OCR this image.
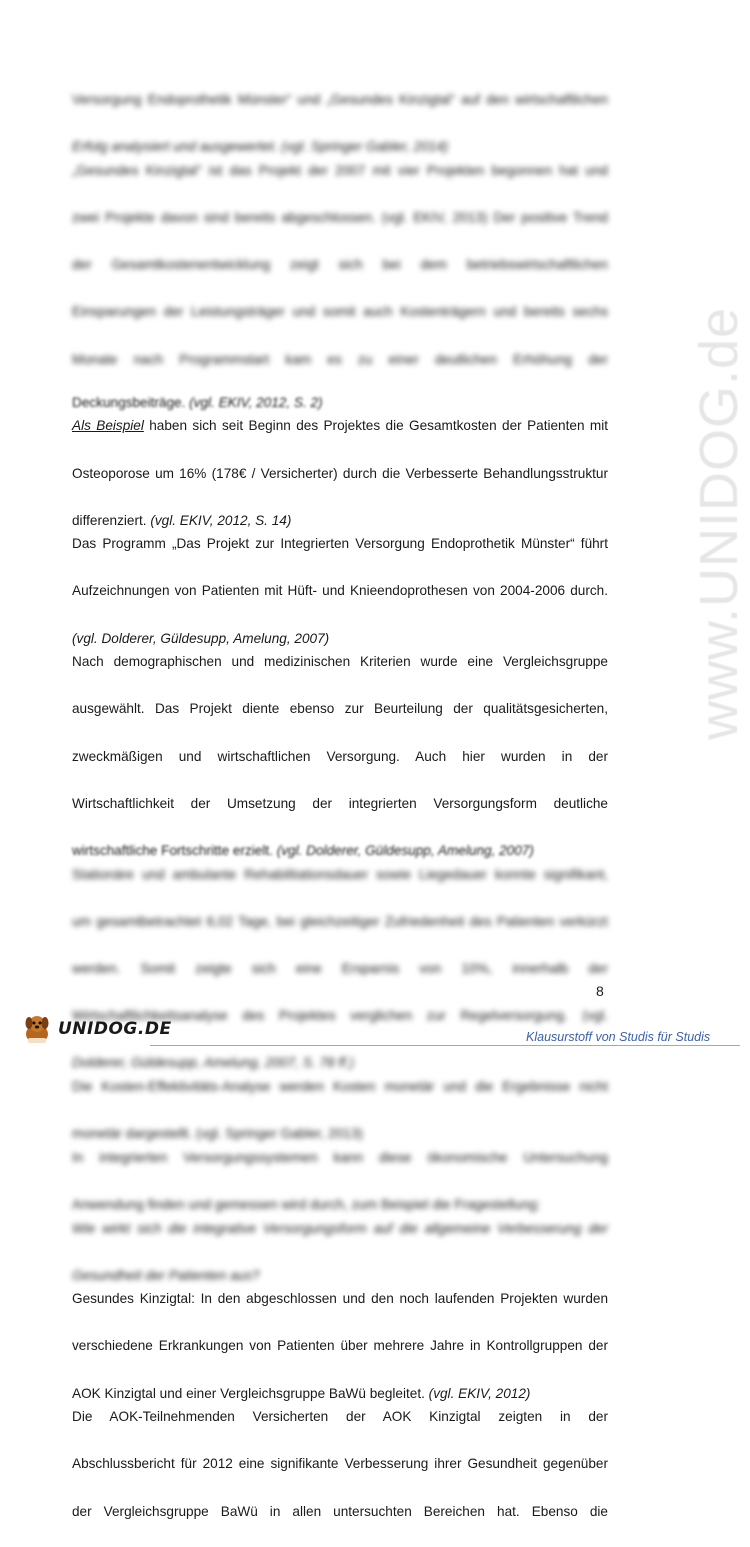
www.UNIDOG.de
Versorgung Endoprothetik Münster“ und „Gesundes Kinzigtal“ auf den wirtschaftlichen
Erfolg analysiert und ausgewertet. (vgl. Springer Gabler, 2014)
„Gesundes Kinzigtal“ ist das Projekt der 2007 mit vier Projekten begonnen hat und
zwei Projekte davon sind bereits abgeschlossen. (vgl. EKIV, 2013) Der positive Trend
der Gesamtkostenentwicklung zeigt sich bei dem betriebswirtschaftlichen
Einsparungen der Leistungsträger und somit auch Kostenträgern und bereits sechs
Monate nach Programmstart kam es zu einer deutlichen Erhöhung der
Deckungsbeiträge. (vgl. EKIV, 2012, S. 2)
Als Beispiel haben sich seit Beginn des Projektes die Gesamtkosten der Patienten mit
Osteoporose um 16% (178€ / Versicherter) durch die Verbesserte Behandlungsstruktur
differenziert. (vgl. EKIV, 2012, S. 14)
Das Programm „Das Projekt zur Integrierten Versorgung Endoprothetik Münster“ führt
Aufzeichnungen von Patienten mit Hüft- und Knieendoprothesen von 2004-2006 durch.
(vgl. Dolderer, Güldesupp, Amelung, 2007)
Nach demographischen und medizinischen Kriterien wurde eine Vergleichsgruppe
ausgewählt. Das Projekt diente ebenso zur Beurteilung der qualitätsgesicherten,
zweckmäßigen und wirtschaftlichen Versorgung. Auch hier wurden in der
Wirtschaftlichkeit der Umsetzung der integrierten Versorgungsform deutliche
wirtschaftliche Fortschritte erzielt. (vgl. Dolderer, Güldesupp, Amelung, 2007)
Stationäre und ambulante Rehabilitationsdauer sowie Liegedauer konnte signifikant,
um gesamtbetrachtet 6,02 Tage, bei gleichzeitiger Zufriedenheit des Patienten verkürzt
werden. Somit zeigte sich eine Ersparnis von 10%, innerhalb der
Wirtschaftlichkeitsanalyse des Projektes verglichen zur Regelversorgung. (vgl.
Dolderer, Güldesupp, Amelung, 2007, S. 78 ff.)
Die Kosten-Effektivitäts-Analyse werden Kosten monetär und die Ergebnisse nicht
monetär dargestellt. (vgl. Springer Gabler, 2013)
In integrierten Versorgungssystemen kann diese ökonomische Untersuchung
Anwendung finden und gemessen wird durch, zum Beispiel die Fragestellung:
Wie wirkt sich die integrative Versorgungsform auf die allgemeine Verbesserung der
Gesundheit der Patienten aus?
Gesundes Kinzigtal: In den abgeschlossen und den noch laufenden Projekten wurden
verschiedene Erkrankungen von Patienten über mehrere Jahre in Kontrollgruppen der
AOK Kinzigtal und einer Vergleichsgruppe BaWü begleitet. (vgl. EKIV, 2012)
Die AOK-Teilnehmenden Versicherten der AOK Kinzigtal zeigten in der
Abschlussbericht für 2012 eine signifikante Verbesserung ihrer Gesundheit gegenüber
der Vergleichsgruppe BaWü in allen untersuchten Bereichen hat. Ebenso die
8
UNIDOG.DE	Klausurstoff von Studis für Studis
